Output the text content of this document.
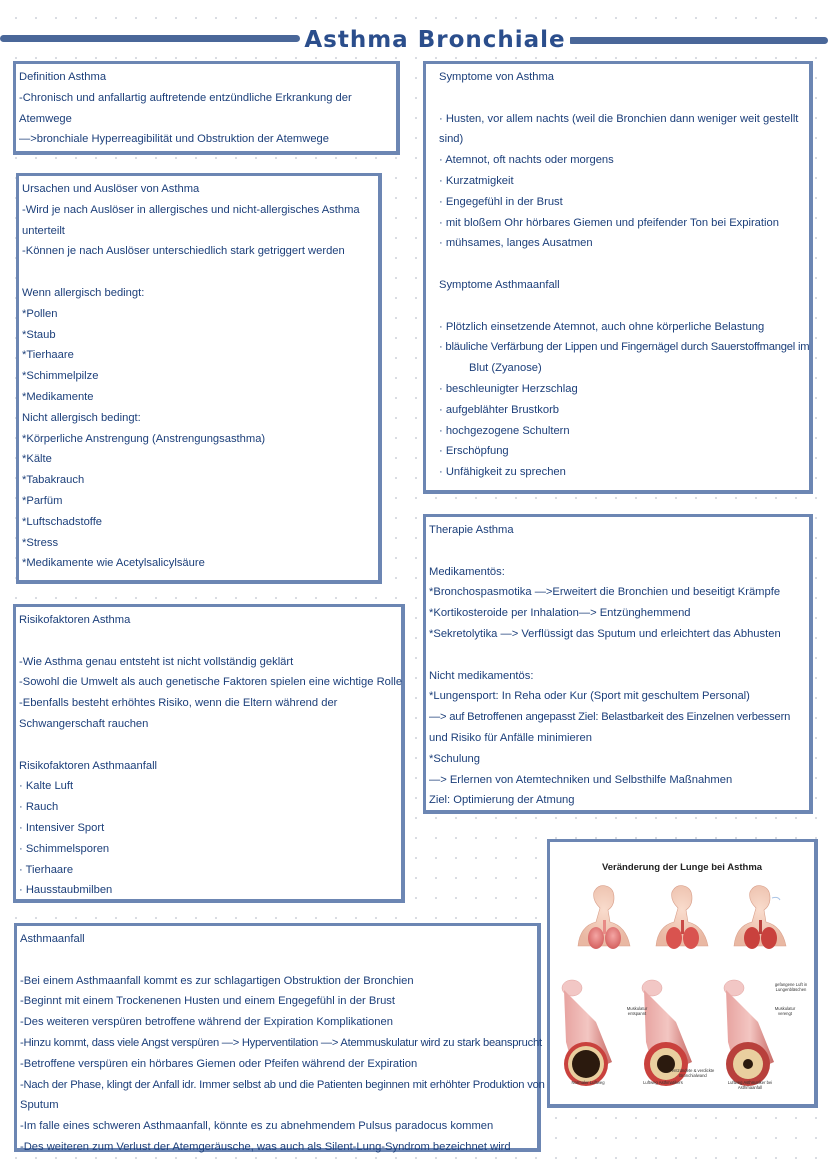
Asthma Bronchiale
Definition Asthma
-Chronisch und anfallartig auftretende entzündliche Erkrankung der
Atemwege
—>bronchiale Hyperreagibilität und Obstruktion der Atemwege
Ursachen und Auslöser von Asthma
-Wird je nach Auslöser in allergisches und nicht-allergisches Asthma
unterteilt
-Können je nach Auslöser unterschiedlich stark getriggert werden
Wenn allergisch bedingt:
*Pollen
*Staub
*Tierhaare
*Schimmelpilze
*Medikamente
Nicht allergisch bedingt:
*Körperliche Anstrengung (Anstrengungsasthma)
*Kälte
*Tabakrauch
*Parfüm
*Luftschadstoffe
*Stress
*Medikamente wie Acetylsalicylsäure
Risikofaktoren Asthma
-Wie Asthma genau entsteht ist nicht vollständig geklärt
-Sowohl die Umwelt als auch genetische Faktoren spielen eine wichtige Rolle
-Ebenfalls besteht erhöhtes Risiko, wenn die Eltern während der
Schwangerschaft rauchen
Risikofaktoren Asthmaanfall
· Kalte Luft
· Rauch
· Intensiver Sport
· Schimmelsporen
· Tierhaare
· Hausstaubmilben
Asthmaanfall
-Bei einem Asthmaanfall kommt es zur schlagartigen Obstruktion der Bronchien
-Beginnt mit einem Trockenenen Husten und einem Engegefühl in der Brust
-Des weiteren verspüren betroffene während der Expiration Komplikationen
-Hinzu kommt, dass viele Angst verspüren —> Hyperventilation —> Atemmuskulatur wird zu stark beansprucht
-Betroffene verspüren ein hörbares Giemen oder Pfeifen während der Expiration
-Nach der Phase, klingt der Anfall idr. Immer selbst ab und die Patienten beginnen mit erhöhter Produktion von
Sputum
-Im falle eines schweren Asthmaanfall, könnte es zu abnehmendem Pulsus paradocus kommen
-Des weiteren zum Verlust der Atemgeräusche, was auch als Silent-Lung-Syndrom bezeichnet wird
Symptome von Asthma
· Husten, vor allem nachts (weil die Bronchien dann weniger weit gestellt sind)
· Atemnot, oft nachts oder morgens
· Kurzatmigkeit
· Engegefühl in der Brust
· mit bloßem Ohr hörbares Giemen und pfeifender Ton bei Expiration
· mühsames, langes Ausatmen
Symptome Asthmaanfall
· Plötzlich einsetzende Atemnot, auch ohne körperliche Belastung
· bläuliche Verfärbung der Lippen und Fingernägel durch Sauerstoffmangel im
Blut (Zyanose)
· beschleunigter Herzschlag
· aufgeblähter Brustkorb
· hochgezogene Schultern
· Erschöpfung
· Unfähigkeit zu sprechen
Therapie Asthma
Medikamentös:
*Bronchospasmotika —>Erweitert die Bronchien und beseitigt Krämpfe
*Kortikosteroide per Inhalation—> Entzünghemmend
*Sekretolytika —> Verflüssigt das Sputum und erleichtert das Abhusten
Nicht medikamentös:
*Lungensport: In Reha oder Kur (Sport mit geschultem Personal)
—> auf Betroffenen angepasst Ziel: Belastbarkeit des Einzelnen verbessern
und Risiko für Anfälle minimieren
*Schulung
—> Erlernen von Atemtechniken und Selbsthilfe Maßnahmen
Ziel: Optimierung der Atmung
Veränderung der Lunge bei Asthma
gefangene Luft in Lungenbläschen
Muskulatur entspannt
Muskulatur verengt
entzündete & verdickte Bronchialwand
Normaler Luftweg	Luftweg Asthmatikers	Luftweg Asthmatiker bei Asthmaanfall
